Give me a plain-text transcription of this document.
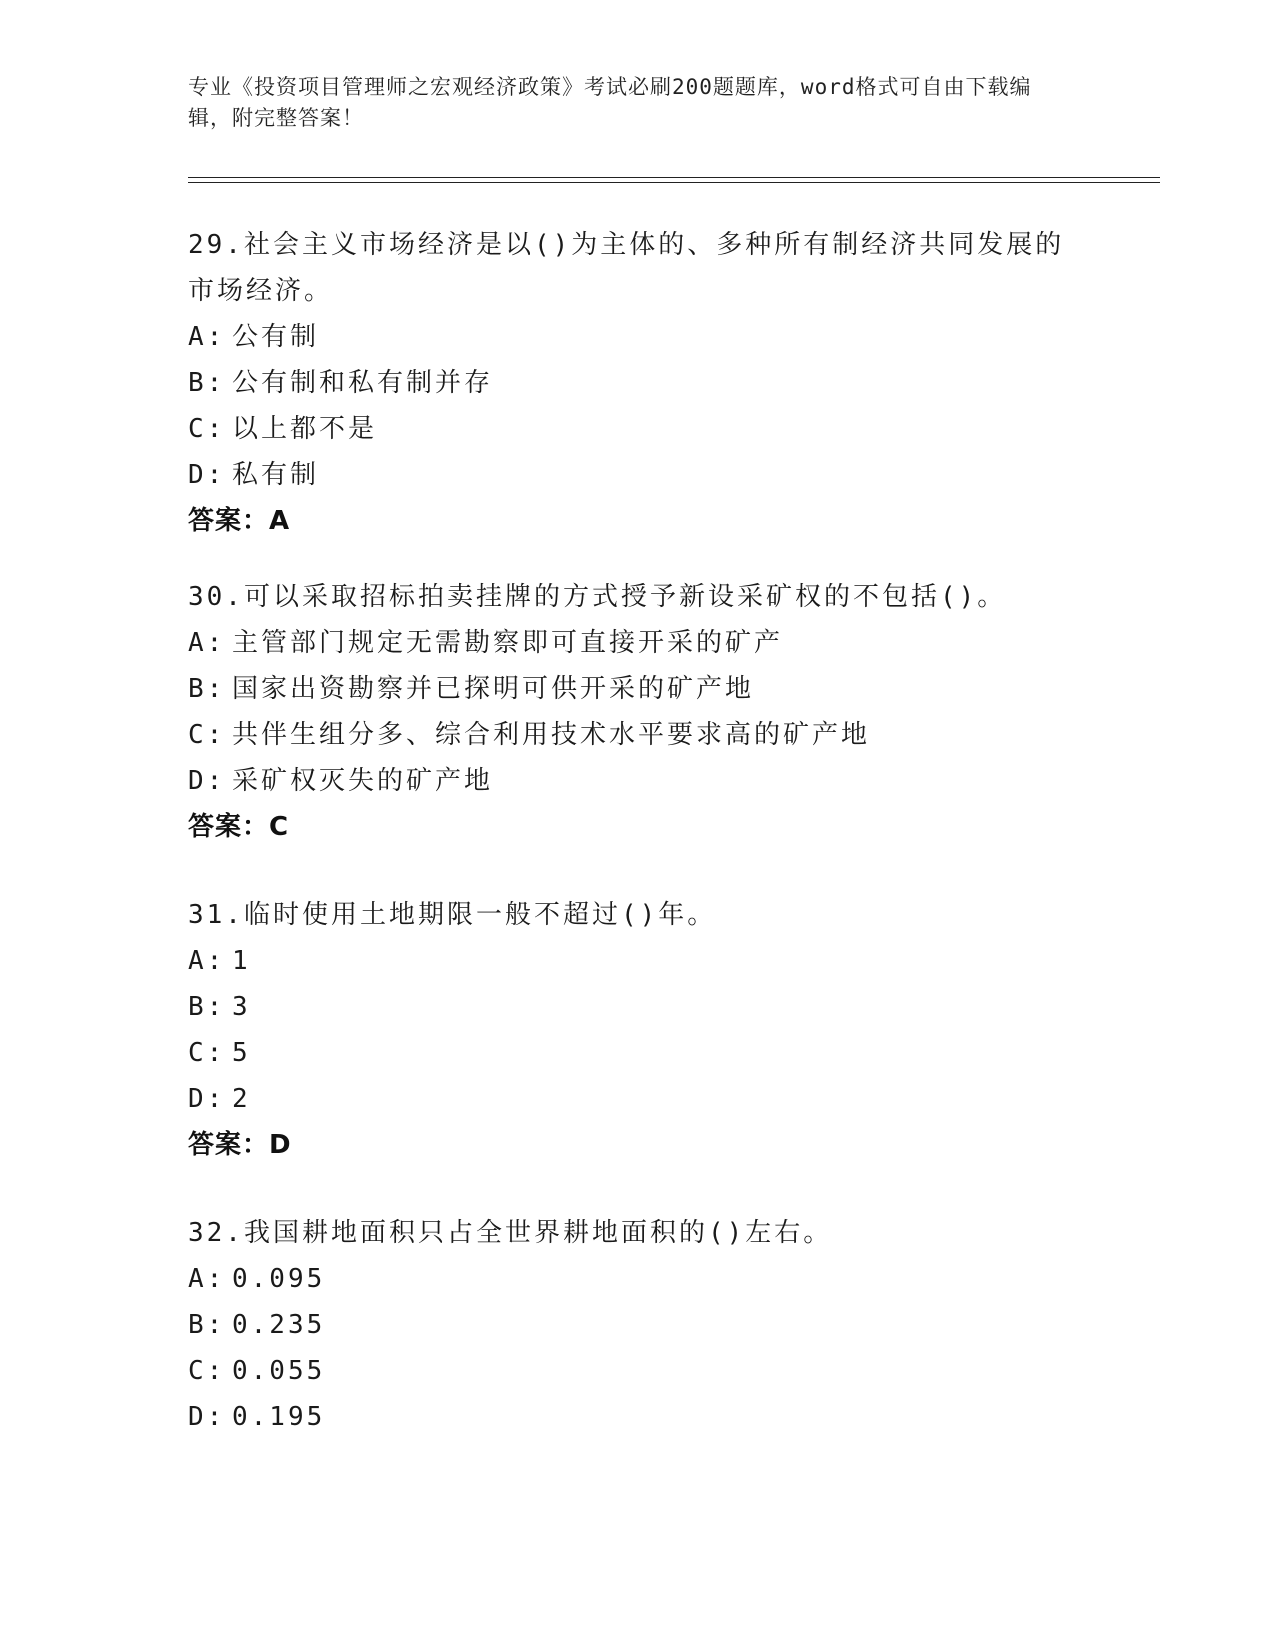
专业《投资项目管理师之宏观经济政策》考试必刷200题题库，word格式可自由下载编辑，附完整答案！
29.社会主义市场经济是以()为主体的、多种所有制经济共同发展的市场经济。
A: 公有制
B: 公有制和私有制并存
C: 以上都不是
D: 私有制
答案：A
30.可以采取招标拍卖挂牌的方式授予新设采矿权的不包括()。
A: 主管部门规定无需勘察即可直接开采的矿产
B: 国家出资勘察并已探明可供开采的矿产地
C: 共伴生组分多、综合利用技术水平要求高的矿产地
D: 采矿权灭失的矿产地
答案：C
31.临时使用土地期限一般不超过()年。
A: 1
B: 3
C: 5
D: 2
答案：D
32.我国耕地面积只占全世界耕地面积的()左右。
A: 0.095
B: 0.235
C: 0.055
D: 0.195
